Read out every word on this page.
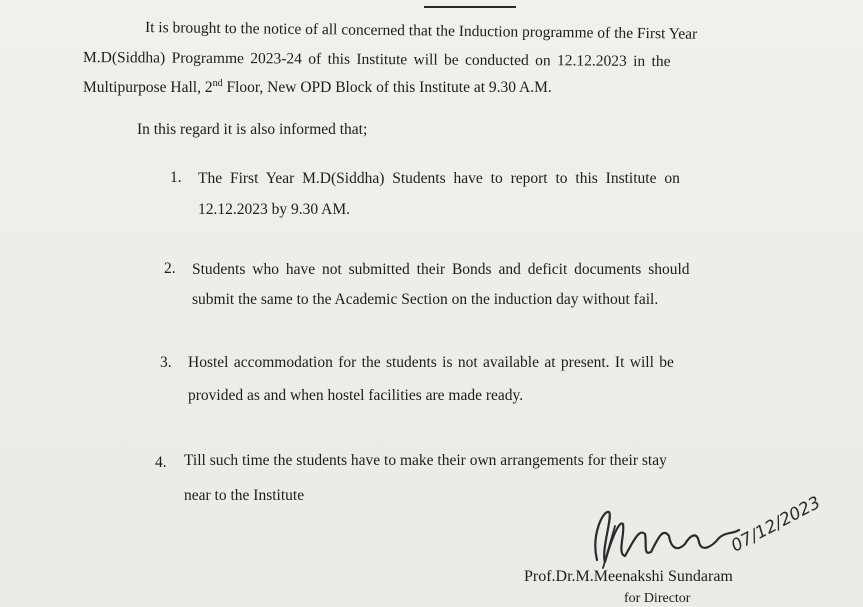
It is brought to the notice of all concerned that the Induction programme of the First Year
M.D(Siddha) Programme 2023-24 of this Institute will be conducted on 12.12.2023 in the
Multipurpose Hall, 2nd Floor, New OPD Block of this Institute at 9.30 A.M.
In this regard it is also informed that;
1. The First Year M.D(Siddha) Students have to report to this Institute on
12.12.2023 by 9.30 AM.
2. Students who have not submitted their Bonds and deficit documents should
submit the same to the Academic Section on the induction day without fail.
3. Hostel accommodation for the students is not available at present. It will be
provided as and when hostel facilities are made ready.
4. Till such time the students have to make their own arrangements for their stay
near to the Institute	07/12/2023
Prof.Dr.M.Meenakshi Sundaram
for Director
